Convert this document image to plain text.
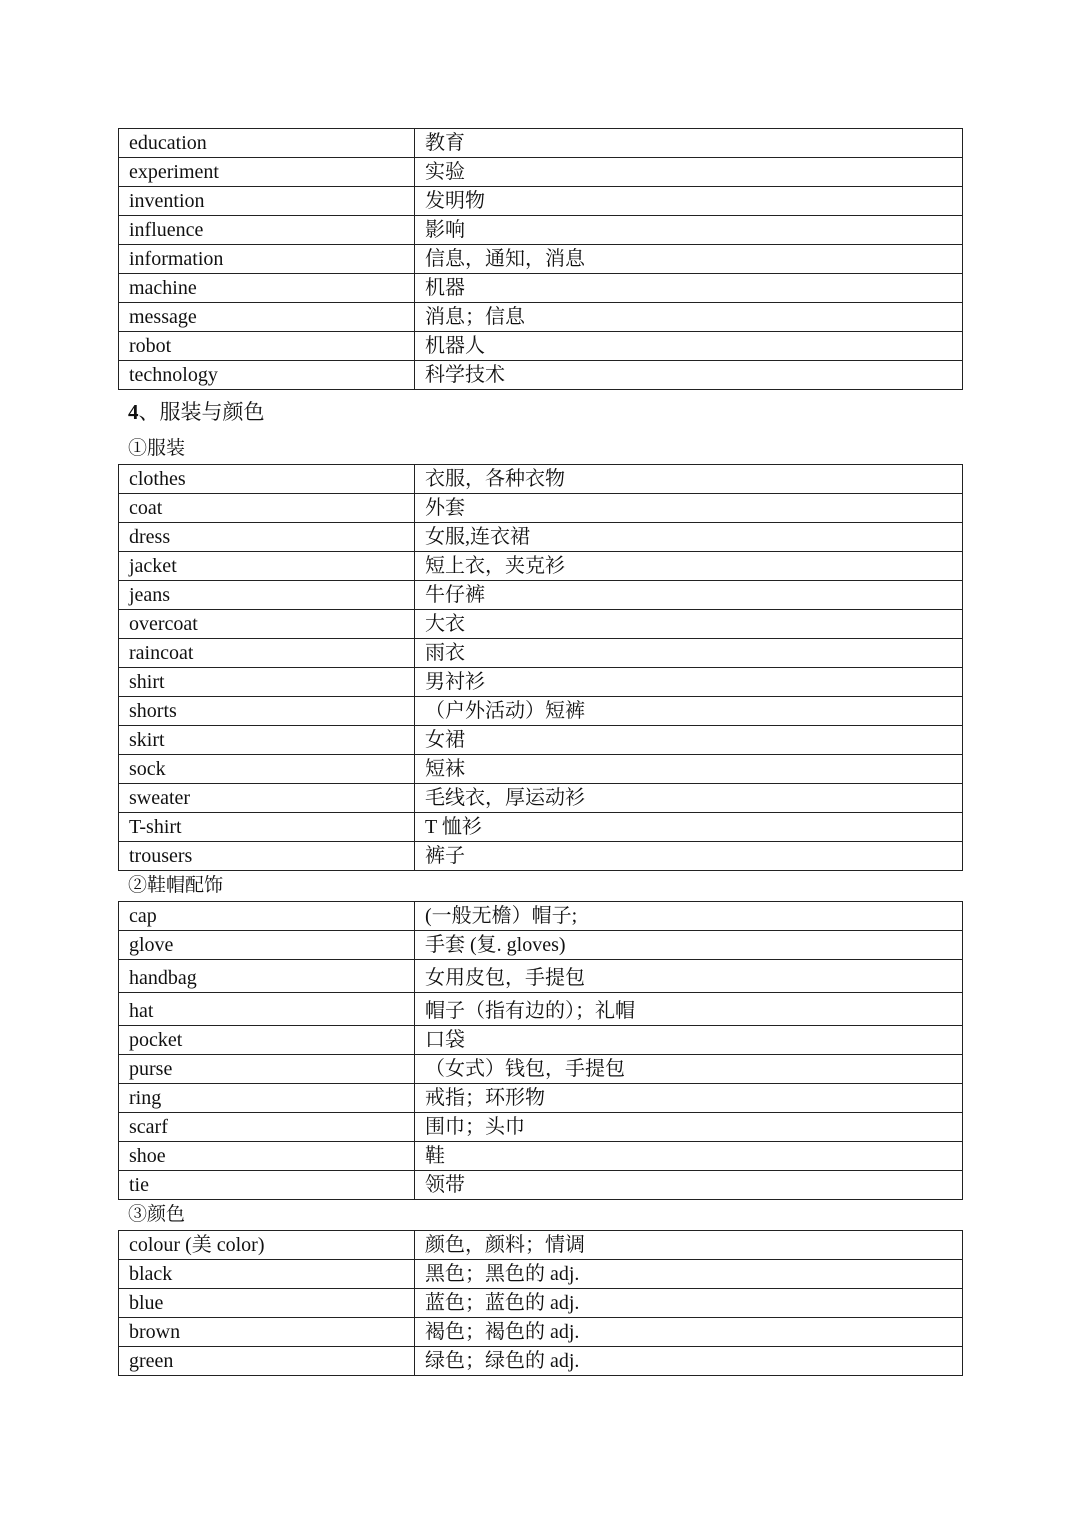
education	教育
experiment	实验
invention	发明物
influence	影响
information	信息，通知，消息
machine	机器
message	消息；信息
robot	机器人
technology	科学技术
4、服装与颜色
①服装
clothes	衣服，各种衣物
coat	外套
dress	女服,连衣裙
jacket	短上衣，夹克衫
jeans	牛仔裤
overcoat	大衣
raincoat	雨衣
shirt	男衬衫
shorts	（户外活动）短裤
skirt	女裙
sock	短袜
sweater	毛线衣，厚运动衫
T-shirt	T 恤衫
trousers	裤子
②鞋帽配饰
cap	(一般无檐）帽子;
glove	手套 (复. gloves)
handbag	女用皮包，手提包
hat	帽子（指有边的）；礼帽
pocket	口袋
purse	（女式）钱包，手提包
ring	戒指；环形物
scarf	围巾；头巾
shoe	鞋
tie	领带
③颜色
colour (美 color)	颜色，颜料；情调
black	黑色；黑色的 adj.
blue	蓝色；蓝色的 adj.
brown	褐色；褐色的 adj.
green	绿色；绿色的 adj.
